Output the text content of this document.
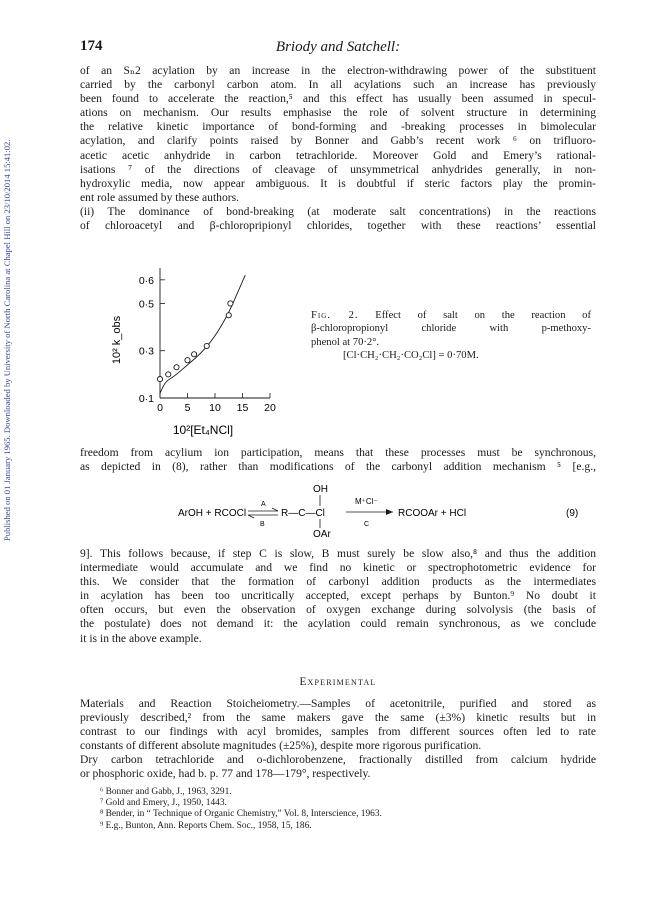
Published on 01 January 1965. Downloaded by University of North Carolina at Chapel Hill on 23/10/2014 15:41:02.
174	Briody and Satchell:
of an Sₙ2 acylation by an increase in the electron-withdrawing power of the substituent
carried by the carbonyl carbon atom. In all acylations such an increase has previously
been found to accelerate the reaction,⁵ and this effect has usually been assumed in specul-
ations on mechanism. Our results emphasise the role of solvent structure in determining
the relative kinetic importance of bond-forming and -breaking processes in bimolecular
acylation, and clarify points raised by Bonner and Gabb’s recent work ⁶ on trifluoro-
acetic acetic anhydride in carbon tetrachloride. Moreover Gold and Emery’s rational-
isations ⁷ of the directions of cleavage of unsymmetrical anhydrides generally, in non-
hydroxylic media, now appear ambiguous. It is doubtful if steric factors play the promin-
ent role assumed by these authors.
(ii) The dominance of bond-breaking (at moderate salt concentrations) in the reactions
of chloroacetyl and β-chloropripionyl chlorides, together with these reactions’ essential
0 5 10 15 20
0·1
0·3
0·5
0·6
10² k_obs
10²[Et₄NCl]
Fig. 2. Effect of salt on the reaction of
β-chloropropionyl chloride with p-methoxy-
phenol at 70·2°.
[Cl·CH₂·CH₂·CO₂Cl] = 0·70M.
freedom from acylium ion participation, means that these processes must be synchronous,
as depicted in (8), rather than modifications of the carbonyl addition mechanism ⁵ [e.g.,
ArOH + RCOCl
A
B
OH
R—C—Cl
OAr
M⁺Cl⁻
C
RCOOAr + HCl	(9)
9]. This follows because, if step C is slow, B must surely be slow also,⁸ and thus the addition
intermediate would accumulate and we find no kinetic or spectrophotometric evidence for
this. We consider that the formation of carbonyl addition products as the intermediates
in acylation has been too uncritically accepted, except perhaps by Bunton.⁹ No doubt it
often occurs, but even the observation of oxygen exchange during solvolysis (the basis of
the postulate) does not demand it: the acylation could remain synchronous, as we conclude
it is in the above example.
Experimental
Materials and Reaction Stoicheiometry.—Samples of acetonitrile, purified and stored as
previously described,² from the same makers gave the same (±3%) kinetic results but in
contrast to our findings with acyl bromides, samples from different sources often led to rate
constants of different absolute magnitudes (±25%), despite more rigorous purification.
Dry carbon tetrachloride and o-dichlorobenzene, fractionally distilled from calcium hydride
or phosphoric oxide, had b. p. 77 and 178—179°, respectively.
⁶ Bonner and Gabb, J., 1963, 3291.
⁷ Gold and Emery, J., 1950, 1443.
⁸ Bender, in “ Technique of Organic Chemistry,” Vol. 8, Interscience, 1963.
⁹ E.g., Bunton, Ann. Reports Chem. Soc., 1958, 15, 186.
